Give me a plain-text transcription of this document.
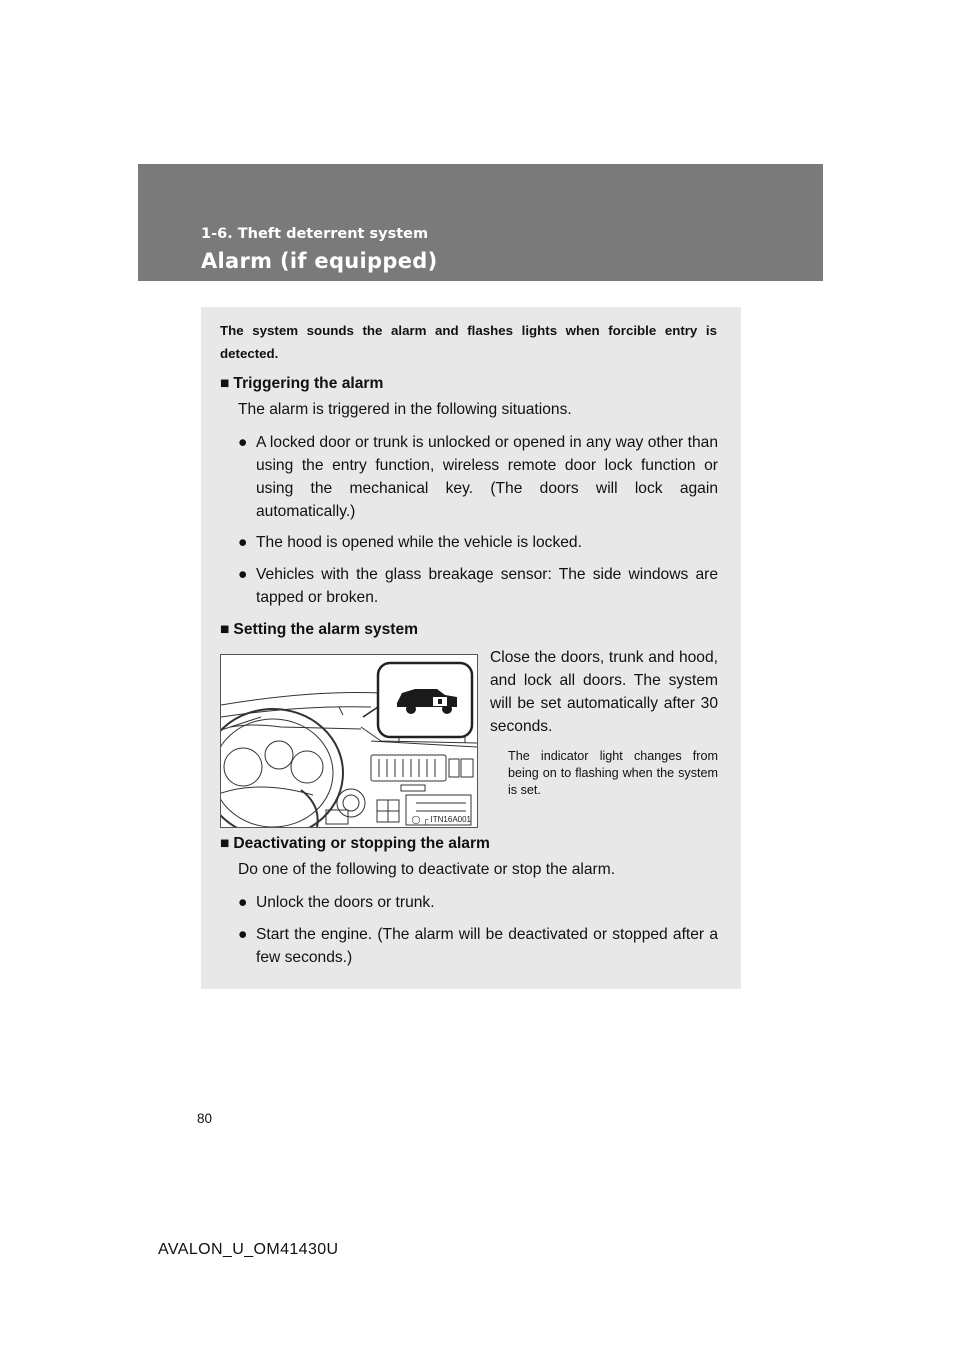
1-6. Theft deterrent system
Alarm (if equipped)
The system sounds the alarm and flashes lights when forcible entry is detected.
■ Triggering the alarm
The alarm is triggered in the following situations.
● A locked door or trunk is unlocked or opened in any way other than using the entry function, wireless remote door lock function or using the mechanical key. (The doors will lock again automatically.)
● The hood is opened while the vehicle is locked.
● Vehicles with the glass breakage sensor: The side windows are tapped or broken.
■ Setting the alarm system
◯ ┌ ITN16A001
Close the doors, trunk and hood, and lock all doors. The system will be set automatically after 30 seconds.
The indicator light changes from being on to flashing when the system is set.
■ Deactivating or stopping the alarm
Do one of the following to deactivate or stop the alarm.
● Unlock the doors or trunk.
● Start the engine. (The alarm will be deactivated or stopped after a few seconds.)
80
AVALON_U_OM41430U
